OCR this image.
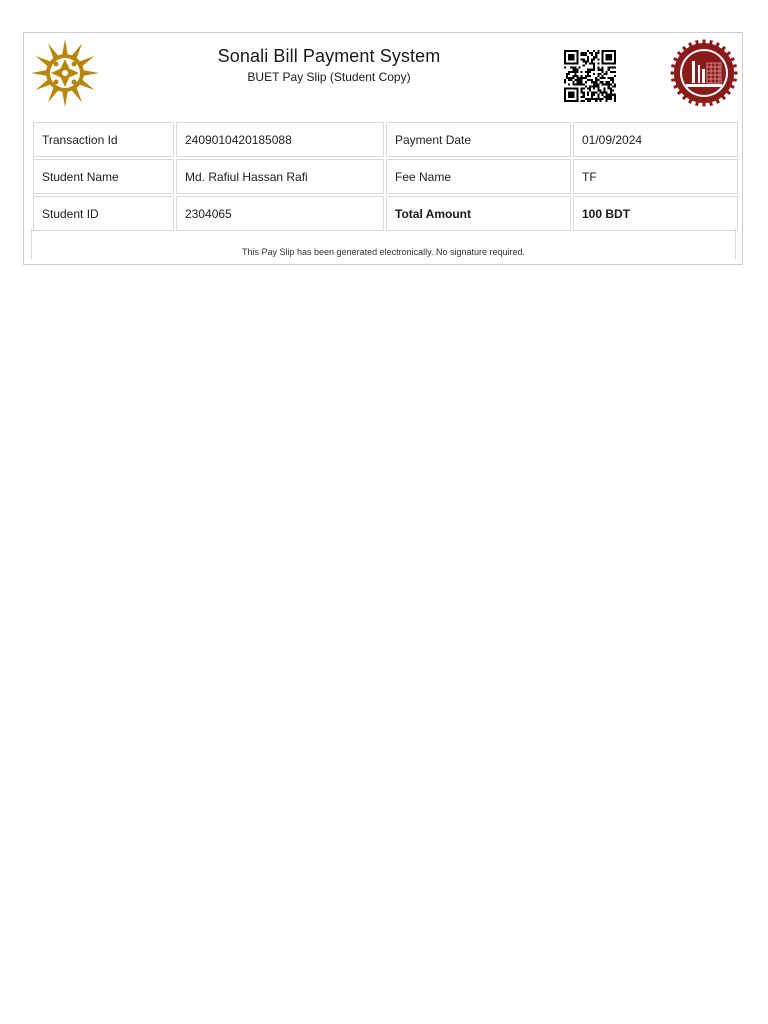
Sonali Bill Payment System
BUET Pay Slip (Student Copy)
Transaction Id	2409010420185088	Payment Date	01/09/2024
Student Name	Md. Rafiul Hassan Rafi	Fee Name	TF
Student ID	2304065	Total Amount	100 BDT
This Pay Slip has been generated electronically. No signature required.
